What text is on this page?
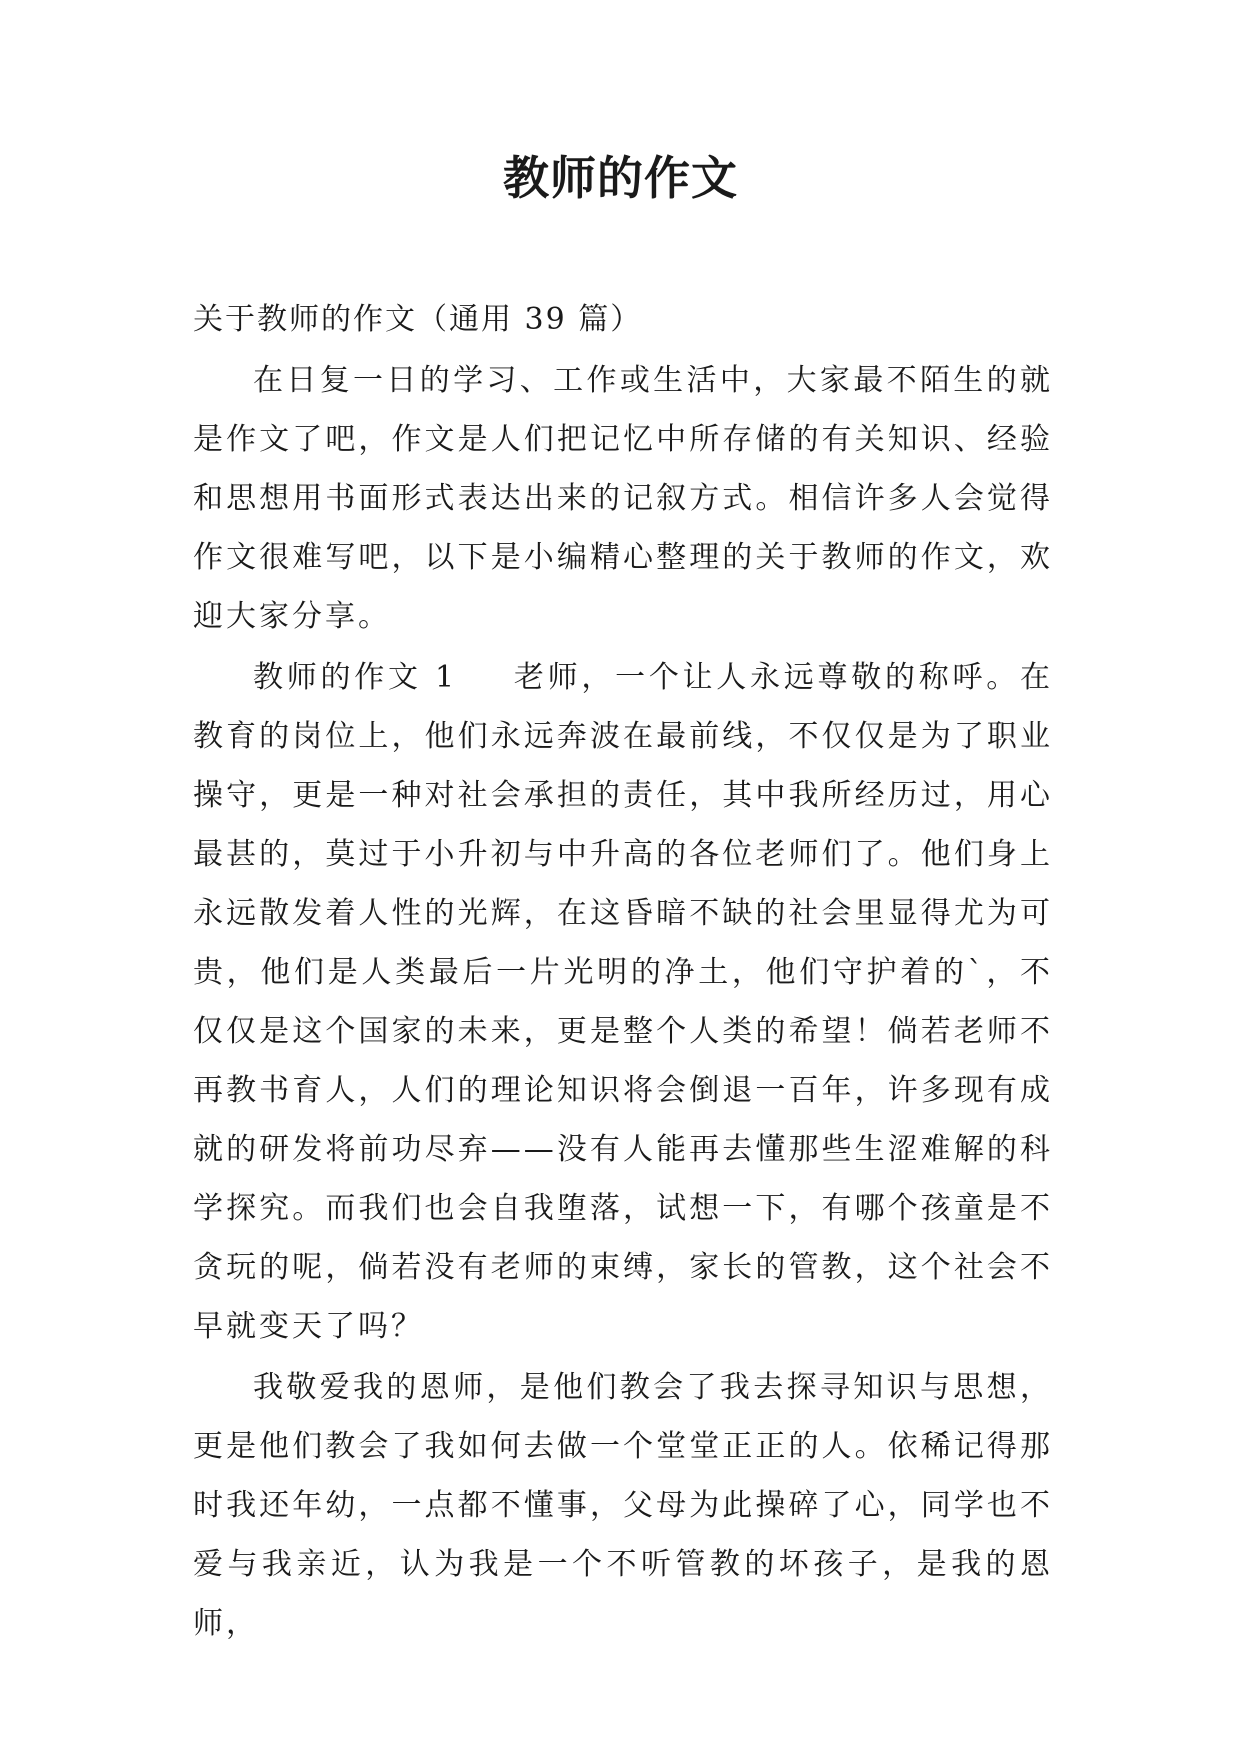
教师的作文

关于教师的作文（通用 39 篇）

在日复一日的学习、工作或生活中，大家最不陌生的就是作文了吧，作文是人们把记忆中所存储的有关知识、经验和思想用书面形式表达出来的记叙方式。相信许多人会觉得作文很难写吧，以下是小编精心整理的关于教师的作文，欢迎大家分享。

教师的作文 1 老师，一个让人永远尊敬的称呼。在教育的岗位上，他们永远奔波在最前线，不仅仅是为了职业操守，更是一种对社会承担的责任，其中我所经历过，用心最甚的，莫过于小升初与中升高的各位老师们了。他们身上永远散发着人性的光辉，在这昏暗不缺的社会里显得尤为可贵，他们是人类最后一片光明的净土，他们守护着的`，不仅仅是这个国家的未来，更是整个人类的希望！倘若老师不再教书育人，人们的理论知识将会倒退一百年，许多现有成就的研发将前功尽弃——没有人能再去懂那些生涩难解的科学探究。而我们也会自我堕落，试想一下，有哪个孩童是不贪玩的呢，倘若没有老师的束缚，家长的管教，这个社会不早就变天了吗？

我敬爱我的恩师，是他们教会了我去探寻知识与思想，更是他们教会了我如何去做一个堂堂正正的人。依稀记得那时我还年幼，一点都不懂事，父母为此操碎了心，同学也不爱与我亲近，认为我是一个不听管教的坏孩子，是我的恩师，
